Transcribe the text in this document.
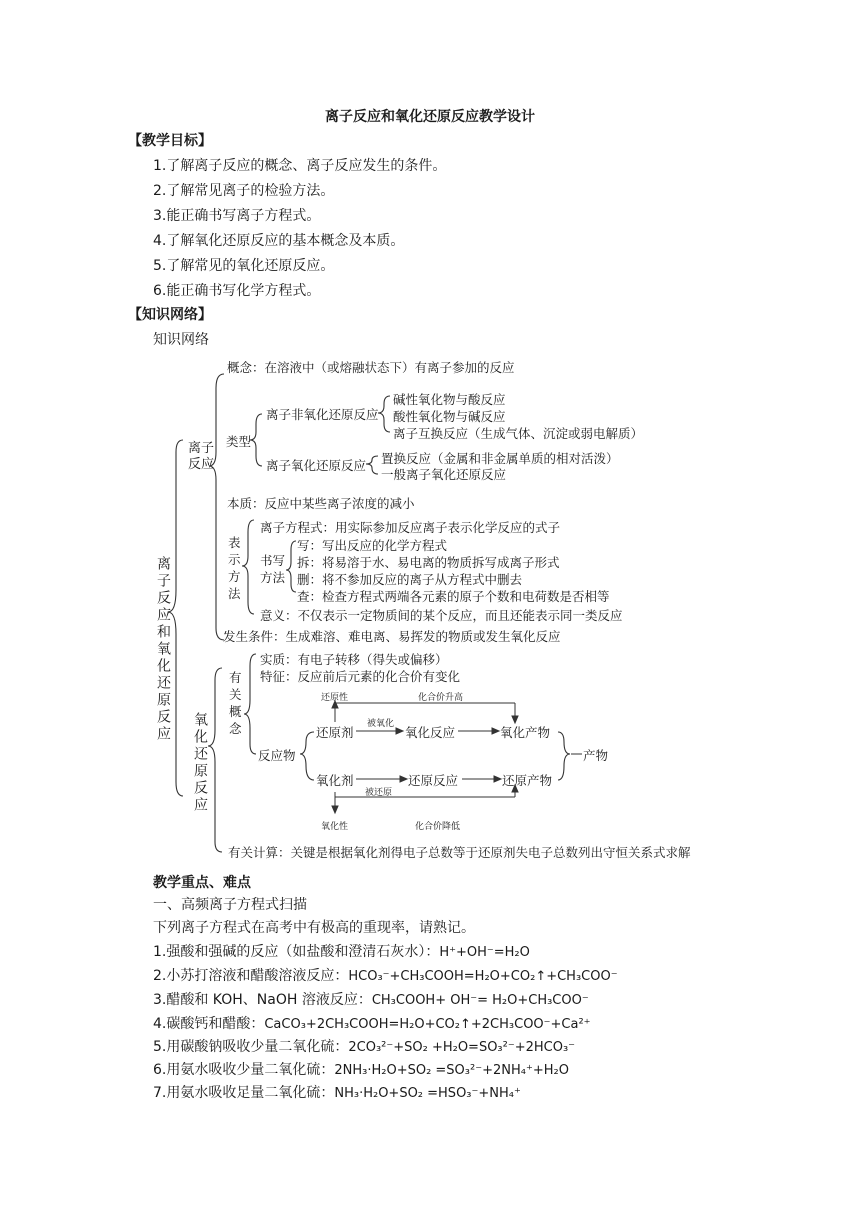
离子反应和氧化还原反应教学设计
【教学目标】
1.了解离子反应的概念、离子反应发生的条件。
2.了解常见离子的检验方法。
3.能正确书写离子方程式。
4.了解氧化还原反应的基本概念及本质。
5.了解常见的氧化还原反应。
6.能正确书写化学方程式。
【知识网络】
知识网络
离子反应和氧化还原反应
离子反应
氧化还原反应
概念：在溶液中（或熔融状态下）有离子参加的反应
类型
离子非氧化还原反应
碱性氧化物与酸反应
酸性氧化物与碱反应
离子互换反应（生成气体、沉淀或弱电解质）
离子氧化还原反应 置换反应（金属和非金属单质的相对活泼）
一般离子氧化还原反应
本质：反应中某些离子浓度的减小
表示方法
离子方程式：用实际参加反应离子表示化学反应的式子
书写方法
写：写出反应的化学方程式
拆：将易溶于水、易电离的物质拆写成离子形式
删：将不参加反应的离子从方程式中删去
查：检查方程式两端各元素的原子个数和电荷数是否相等
意义：不仅表示一定物质间的某个反应，而且还能表示同一类反应
发生条件：生成难溶、难电离、易挥发的物质或发生氧化反应
有关概念
实质：有电子转移（得失或偏移）
特征：反应前后元素的化合价有变化
还原性	化合价升高
反应物
还原剂
被氧化
氧化反应	氧化产物
氧化剂
被还原
还原反应	还原产物
产物
氧化性	化合价降低
有关计算：关键是根据氧化剂得电子总数等于还原剂失电子总数列出守恒关系式求解
教学重点、难点
一、高频离子方程式扫描
下列离子方程式在高考中有极高的重现率，请熟记。
1.强酸和强碱的反应（如盐酸和澄清石灰水）：H⁺+OH⁻=H₂O
2.小苏打溶液和醋酸溶液反应：HCO₃⁻+CH₃COOH=H₂O+CO₂↑+CH₃COO⁻
3.醋酸和 KOH、NaOH 溶液反应：CH₃COOH+ OH⁻= H₂O+CH₃COO⁻
4.碳酸钙和醋酸：CaCO₃+2CH₃COOH=H₂O+CO₂↑+2CH₃COO⁻+Ca²⁺
5.用碳酸钠吸收少量二氧化硫：2CO₃²⁻+SO₂ +H₂O=SO₃²⁻+2HCO₃⁻
6.用氨水吸收少量二氧化硫：2NH₃·H₂O+SO₂ =SO₃²⁻+2NH₄⁺+H₂O
7.用氨水吸收足量二氧化硫：NH₃·H₂O+SO₂ =HSO₃⁻+NH₄⁺
